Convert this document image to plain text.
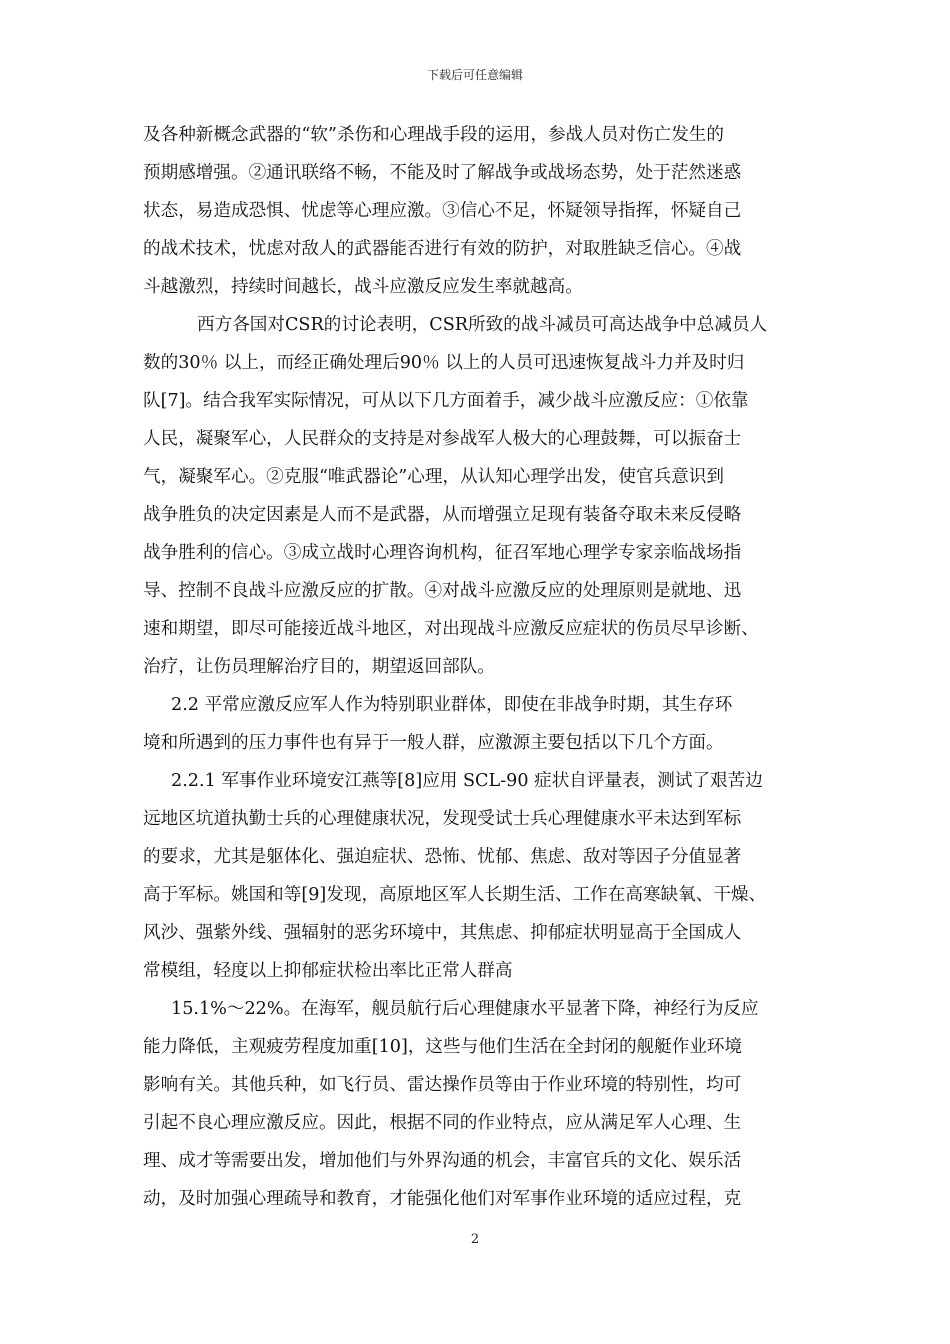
下载后可任意编辑
及各种新概念武器的“软”杀伤和心理战手段的运用，参战人员对伤亡发生的
预期感增强。②通讯联络不畅，不能及时了解战争或战场态势，处于茫然迷惑
状态，易造成恐惧、忧虑等心理应激。③信心不足，怀疑领导指挥，怀疑自己
的战术技术，忧虑对敌人的武器能否进行有效的防护，对取胜缺乏信心。④战
斗越激烈，持续时间越长，战斗应激反应发生率就越高。
西方各国对CSR的讨论表明，CSR所致的战斗减员可高达战争中总减员人
数的30％ 以上，而经正确处理后90％ 以上的人员可迅速恢复战斗力并及时归
队[7]。结合我军实际情况，可从以下几方面着手，减少战斗应激反应：①依靠
人民，凝聚军心，人民群众的支持是对参战军人极大的心理鼓舞，可以振奋士
气，凝聚军心。②克服“唯武器论”心理，从认知心理学出发，使官兵意识到
战争胜负的决定因素是人而不是武器，从而增强立足现有装备夺取未来反侵略
战争胜利的信心。③成立战时心理咨询机构，征召军地心理学专家亲临战场指
导、控制不良战斗应激反应的扩散。④对战斗应激反应的处理原则是就地、迅
速和期望，即尽可能接近战斗地区，对出现战斗应激反应症状的伤员尽早诊断、
治疗，让伤员理解治疗目的，期望返回部队。
2.2 平常应激反应军人作为特别职业群体，即使在非战争时期，其生存环
境和所遇到的压力事件也有异于一般人群，应激源主要包括以下几个方面。
2.2.1 军事作业环境安江燕等[8]应用 SCL-90 症状自评量表，测试了艰苦边
远地区坑道执勤士兵的心理健康状况，发现受试士兵心理健康水平未达到军标
的要求，尤其是躯体化、强迫症状、恐怖、忧郁、焦虑、敌对等因子分值显著
高于军标。姚国和等[9]发现，高原地区军人长期生活、工作在高寒缺氧、干燥、
风沙、强紫外线、强辐射的恶劣环境中，其焦虑、抑郁症状明显高于全国成人
常模组，轻度以上抑郁症状检出率比正常人群高
15.1%～22%。在海军，舰员航行后心理健康水平显著下降，神经行为反应
能力降低，主观疲劳程度加重[10]，这些与他们生活在全封闭的舰艇作业环境
影响有关。其他兵种，如飞行员、雷达操作员等由于作业环境的特别性，均可
引起不良心理应激反应。因此，根据不同的作业特点，应从满足军人心理、生
理、成才等需要出发，增加他们与外界沟通的机会，丰富官兵的文化、娱乐活
动，及时加强心理疏导和教育，才能强化他们对军事作业环境的适应过程，克
2
